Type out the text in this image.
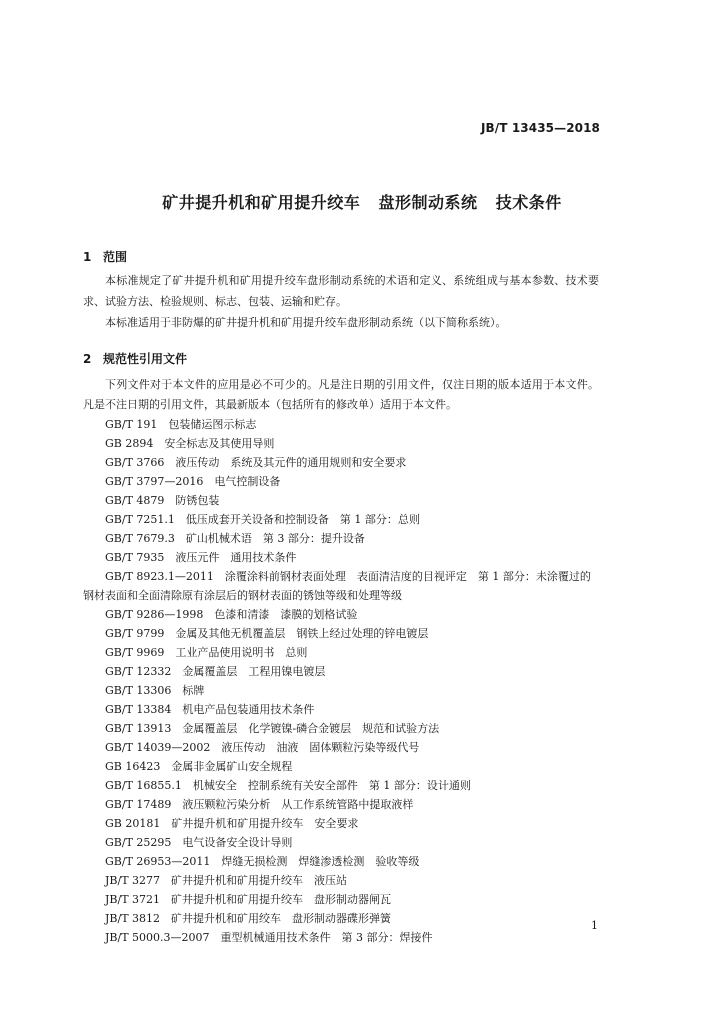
JB/T 13435—2018
矿井提升机和矿用提升绞车   盘形制动系统   技术条件
1 范围

本标准规定了矿井提升机和矿用提升绞车盘形制动系统的术语和定义、系统组成与基本参数、技术要求、试验方法、检验规则、标志、包装、运输和贮存。

本标准适用于非防爆的矿井提升机和矿用提升绞车盘形制动系统（以下简称系统）。

2 规范性引用文件

下列文件对于本文件的应用是必不可少的。凡是注日期的引用文件，仅注日期的版本适用于本文件。凡是不注日期的引用文件，其最新版本（包括所有的修改单）适用于本文件。

GB/T 191　 包装储运图示标志
GB 2894　 安全标志及其使用导则
GB/T 3766　 液压传动　系统及其元件的通用规则和安全要求
GB/T 3797—2016　 电气控制设备
GB/T 4879　 防锈包装
GB/T 7251.1　 低压成套开关设备和控制设备　第 1 部分：总则
GB/T 7679.3　 矿山机械术语　第 3 部分：提升设备
GB/T 7935　 液压元件　通用技术条件
GB/T 8923.1—2011　 涂覆涂料前钢材表面处理　表面清洁度的目视评定　第 1 部分：未涂覆过的
钢材表面和全面清除原有涂层后的钢材表面的锈蚀等级和处理等级
GB/T 9286—1998　 色漆和清漆　漆膜的划格试验
GB/T 9799　 金属及其他无机覆盖层　钢铁上经过处理的锌电镀层
GB/T 9969　 工业产品使用说明书　总则
GB/T 12332　 金属覆盖层　工程用镍电镀层
GB/T 13306　 标牌
GB/T 13384　 机电产品包装通用技术条件
GB/T 13913　 金属覆盖层　化学镀镍-磷合金镀层　规范和试验方法
GB/T 14039—2002　 液压传动　油液　固体颗粒污染等级代号
GB 16423　 金属非金属矿山安全规程
GB/T 16855.1　 机械安全　控制系统有关安全部件　第 1 部分：设计通则
GB/T 17489　 液压颗粒污染分析　从工作系统管路中提取液样
GB 20181　 矿井提升机和矿用提升绞车　安全要求
GB/T 25295　 电气设备安全设计导则
GB/T 26953—2011　 焊缝无损检测　焊缝渗透检测　验收等级
JB/T 3277　 矿井提升机和矿用提升绞车　液压站
JB/T 3721　 矿井提升机和矿用提升绞车　盘形制动器闸瓦
JB/T 3812　 矿井提升机和矿用绞车　盘形制动器碟形弹簧
JB/T 5000.3—2007　 重型机械通用技术条件　第 3 部分：焊接件
1
